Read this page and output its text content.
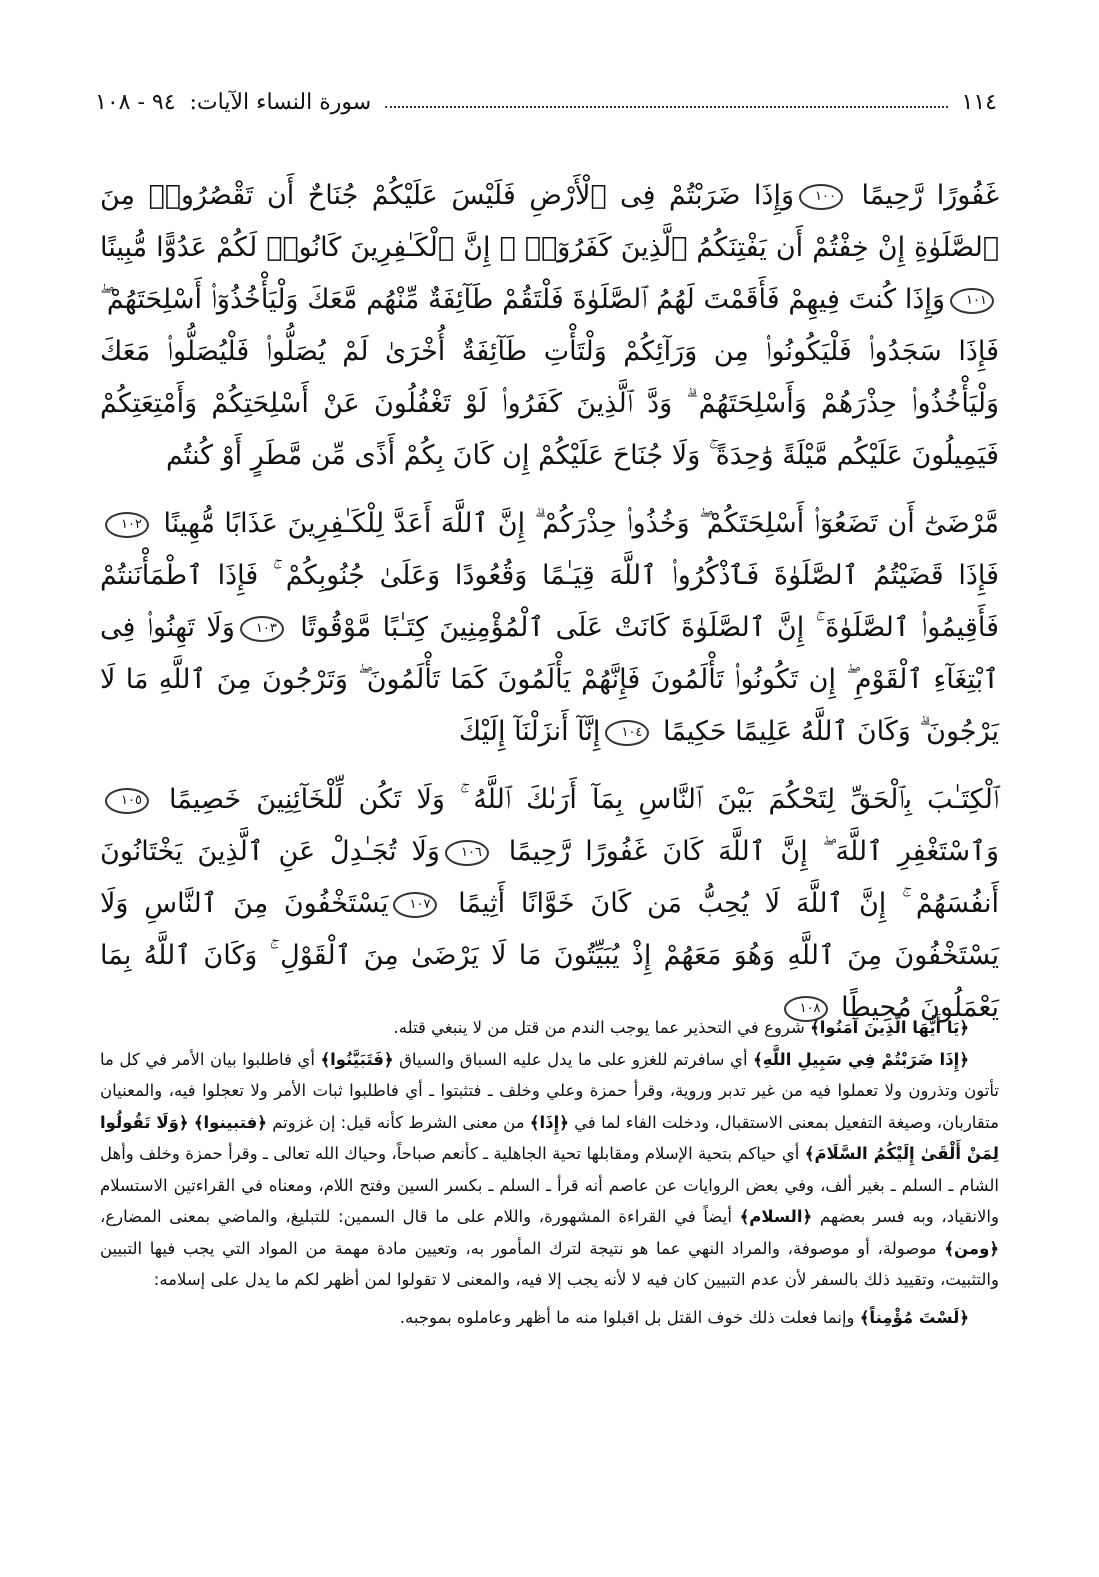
١١٤
سورة النساء الآيات:
٩٤ - ١٠٨
غَفُورًا رَّحِيمًا ١٠٠وَإِذَا ضَرَبْتُمْ فِى ٱلْأَرْضِ فَلَيْسَ عَلَيْكُمْ جُنَاحٌ أَن تَقْصُرُوا۟ مِنَ ٱلصَّلَوٰةِ إِنْ خِفْتُمْ أَن يَفْتِنَكُمُ ٱلَّذِينَ كَفَرُوٓا۟ ۚ إِنَّ ٱلْكَـٰفِرِينَ كَانُوا۟ لَكُمْ عَدُوًّا مُّبِينًا ١٠١وَإِذَا كُنتَ فِيهِمْ فَأَقَمْتَ لَهُمُ ٱلصَّلَوٰةَ فَلْتَقُمْ طَآئِفَةٌ مِّنْهُم مَّعَكَ وَلْيَأْخُذُوٓا۟ أَسْلِحَتَهُمْ ۖ فَإِذَا سَجَدُوا۟ فَلْيَكُونُوا۟ مِن وَرَآئِكُمْ وَلْتَأْتِ طَآئِفَةٌ أُخْرَىٰ لَمْ يُصَلُّوا۟ فَلْيُصَلُّوا۟ مَعَكَ وَلْيَأْخُذُوا۟ حِذْرَهُمْ وَأَسْلِحَتَهُمْ ۗ وَدَّ ٱلَّذِينَ كَفَرُوا۟ لَوْ تَغْفُلُونَ عَنْ أَسْلِحَتِكُمْ وَأَمْتِعَتِكُمْ فَيَمِيلُونَ عَلَيْكُم مَّيْلَةً وَٰحِدَةً ۚ وَلَا جُنَاحَ عَلَيْكُمْ إِن كَانَ بِكُمْ أَذًى مِّن مَّطَرٍ أَوْ كُنتُم
مَّرْضَىٰٓ أَن تَضَعُوٓا۟ أَسْلِحَتَكُمْ ۖ وَخُذُوا۟ حِذْرَكُمْ ۗ إِنَّ ٱللَّهَ أَعَدَّ لِلْكَـٰفِرِينَ عَذَابًا مُّهِينًا ١٠٢فَإِذَا قَضَيْتُمُ ٱلصَّلَوٰةَ فَٱذْكُرُوا۟ ٱللَّهَ قِيَـٰمًا وَقُعُودًا وَعَلَىٰ جُنُوبِكُمْ ۚ فَإِذَا ٱطْمَأْنَنتُمْ فَأَقِيمُوا۟ ٱلصَّلَوٰةَ ۚ إِنَّ ٱلصَّلَوٰةَ كَانَتْ عَلَى ٱلْمُؤْمِنِينَ كِتَـٰبًا مَّوْقُوتًا ١٠٣وَلَا تَهِنُوا۟ فِى ٱبْتِغَآءِ ٱلْقَوْمِ ۖ إِن تَكُونُوا۟ تَأْلَمُونَ فَإِنَّهُمْ يَأْلَمُونَ كَمَا تَأْلَمُونَ ۖ وَتَرْجُونَ مِنَ ٱللَّهِ مَا لَا يَرْجُونَ ۗ وَكَانَ ٱللَّهُ عَلِيمًا حَكِيمًا ١٠٤إِنَّآ أَنزَلْنَآ إِلَيْكَ
ٱلْكِتَـٰبَ بِٱلْحَقِّ لِتَحْكُمَ بَيْنَ ٱلنَّاسِ بِمَآ أَرَىٰكَ ٱللَّهُ ۚ وَلَا تَكُن لِّلْخَآئِنِينَ خَصِيمًا ١٠٥وَٱسْتَغْفِرِ ٱللَّهَ ۖ إِنَّ ٱللَّهَ كَانَ غَفُورًا رَّحِيمًا ١٠٦وَلَا تُجَـٰدِلْ عَنِ ٱلَّذِينَ يَخْتَانُونَ أَنفُسَهُمْ ۚ إِنَّ ٱللَّهَ لَا يُحِبُّ مَن كَانَ خَوَّانًا أَثِيمًا ١٠٧يَسْتَخْفُونَ مِنَ ٱلنَّاسِ وَلَا يَسْتَخْفُونَ مِنَ ٱللَّهِ وَهُوَ مَعَهُمْ إِذْ يُبَيِّتُونَ مَا لَا يَرْضَىٰ مِنَ ٱلْقَوْلِ ۚ وَكَانَ ٱللَّهُ بِمَا يَعْمَلُونَ مُحِيطًا ١٠٨

﴿يَا أَيُّهَا الَّذِينَ آمَنُوا﴾ شروع في التحذير عما يوجب الندم من قتل من لا ينبغي قتله.

﴿إِذَا ضَرَبْتُمْ فِي سَبِيلِ اللَّهِ﴾ أي سافرتم للغزو على ما يدل عليه السباق والسياق ﴿فَتَبَيَّنُوا﴾ أي فاطلبوا بيان الأمر في كل ما تأتون وتذرون ولا تعملوا فيه من غير تدبر وروية، وقرأ حمزة وعلي وخلف ـ فتثبتوا ـ أي فاطلبوا ثبات الأمر ولا تعجلوا فيه، والمعنيان متقاربان، وصيغة التفعيل بمعنى الاستقبال، ودخلت الفاء لما في ﴿إِذَا﴾ من معنى الشرط كأنه قيل: إن غزوتم ﴿فتبينوا﴾ ﴿وَلَا تَقُولُوا لِمَنْ أَلْقَىٰ إِلَيْكُمُ السَّلَامَ﴾ أي حياكم بتحية الإسلام ومقابلها تحية الجاهلية ـ كأنعم صباحاً، وحياك الله تعالى ـ وقرأ حمزة وخلف وأهل الشام ـ السلم ـ بغير ألف، وفي بعض الروايات عن عاصم أنه قرأ ـ السلم ـ بكسر السين وفتح اللام، ومعناه في القراءتين الاستسلام والانقياد، وبه فسر بعضهم ﴿السلام﴾ أيضاً في القراءة المشهورة، واللام على ما قال السمين: للتبليغ، والماضي بمعنى المضارع، ﴿ومن﴾ موصولة، أو موصوفة، والمراد النهي عما هو نتيجة لترك المأمور به، وتعيين مادة مهمة من المواد التي يجب فيها التبيين والتثبيت، وتقييد ذلك بالسفر لأن عدم التبيين كان فيه لا لأنه يجب إلا فيه، والمعنى لا تقولوا لمن أظهر لكم ما يدل على إسلامه:

﴿لَسْتَ مُؤْمِناً﴾ وإنما فعلت ذلك خوف القتل بل اقبلوا منه ما أظهر وعاملوه بموجبه.
